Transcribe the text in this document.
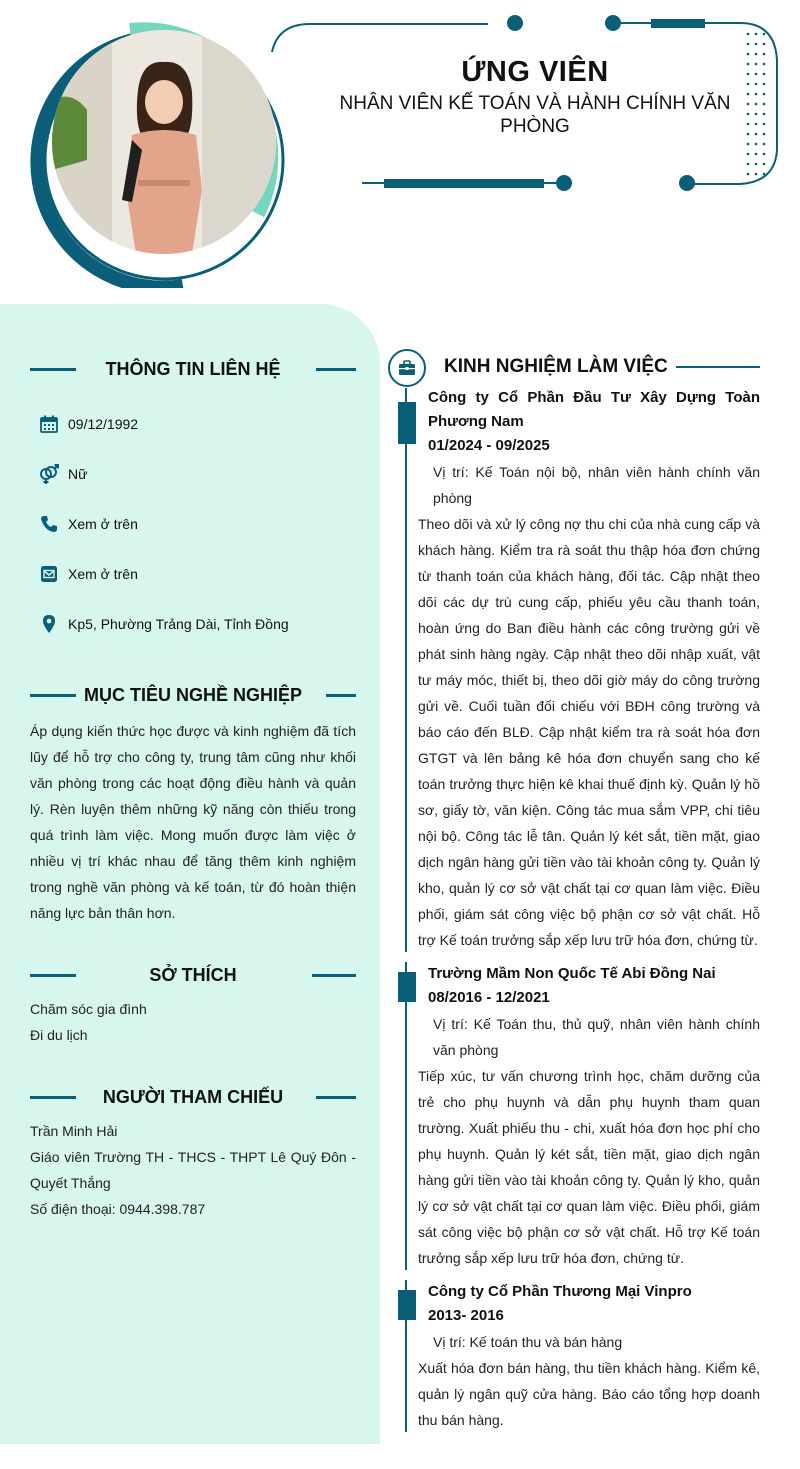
ỨNG VIÊN
NHÂN VIÊN KẾ TOÁN VÀ HÀNH CHÍNH VĂN PHÒNG
THÔNG TIN LIÊN HỆ
09/12/1992
Nữ
Xem ở trên
Xem ở trên
Kp5, Phường Trảng Dài, Tỉnh Đồng
MỤC TIÊU NGHỀ NGHIỆP
Áp dụng kiến thức học được và kinh nghiệm đã tích lũy để hỗ trợ cho công ty, trung tâm cũng như khối văn phòng trong các hoạt động điều hành và quản lý. Rèn luyện thêm những kỹ năng còn thiếu trong quá trình làm việc. Mong muốn được làm việc ở nhiều vị trí khác nhau để tăng thêm kinh nghiệm trong nghề văn phòng và kế toán, từ đó hoàn thiện năng lực bản thân hơn.
SỞ THÍCH
Chăm sóc gia đình
Đi du lịch
NGƯỜI THAM CHIẾU
Trần Minh Hải
Giáo viên Trường TH - THCS - THPT Lê Quý Đôn - Quyết Thắng
Số điện thoại: 0944.398.787
KINH NGHIỆM LÀM VIỆC
Công ty Cổ Phần Đầu Tư Xây Dựng Toàn Phương Nam
01/2024 - 09/2025
Vị trí: Kế Toán nội bộ, nhân viên hành chính văn phòng
Theo dõi và xử lý công nợ thu chi của nhà cung cấp và khách hàng. Kiểm tra rà soát thu thập hóa đơn chứng từ thanh toán của khách hàng, đối tác. Cập nhật theo dõi các dự trù cung cấp, phiếu yêu cầu thanh toán, hoàn ứng do Ban điều hành các công trường gửi về phát sinh hàng ngày. Cập nhật theo dõi nhập xuất, vật tư máy móc, thiết bị, theo dõi giờ máy do công trường gửi về. Cuối tuần đối chiếu với BĐH công trường và báo cáo đến BLĐ. Cập nhật kiểm tra rà soát hóa đơn GTGT và lên bảng kê hóa đơn chuyển sang cho kế toán trưởng thực hiện kê khai thuế định kỳ. Quản lý hồ sơ, giấy tờ, văn kiện. Công tác mua sắm VPP, chi tiêu nội bộ. Công tác lễ tân. Quản lý két sắt, tiền mặt, giao dịch ngân hàng gửi tiền vào tài khoản công ty. Quản lý kho, quản lý cơ sở vật chất tại cơ quan làm việc. Điều phối, giám sát công việc bộ phận cơ sở vật chất. Hỗ trợ Kế toán trưởng sắp xếp lưu trữ hóa đơn, chứng từ.
Trường Mầm Non Quốc Tế Abi Đồng Nai
08/2016 - 12/2021
Vị trí: Kế Toán thu, thủ quỹ, nhân viên hành chính văn phòng
Tiếp xúc, tư vấn chương trình học, chăm dưỡng của trẻ cho phụ huynh và dẫn phụ huynh tham quan trường. Xuất phiếu thu - chi, xuất hóa đơn học phí cho phụ huynh. Quản lý két sắt, tiền mặt, giao dịch ngân hàng gửi tiền vào tài khoản công ty. Quản lý kho, quản lý cơ sở vật chất tại cơ quan làm việc. Điều phối, giám sát công việc bộ phận cơ sở vật chất. Hỗ trợ Kế toán trưởng sắp xếp lưu trữ hóa đơn, chứng từ.
Công ty Cổ Phần Thương Mại Vinpro
2013- 2016
Vị trí: Kế toán thu và bán hàng
Xuất hóa đơn bán hàng, thu tiền khách hàng. Kiểm kê, quản lý ngân quỹ cửa hàng. Báo cáo tổng hợp doanh thu bán hàng.
